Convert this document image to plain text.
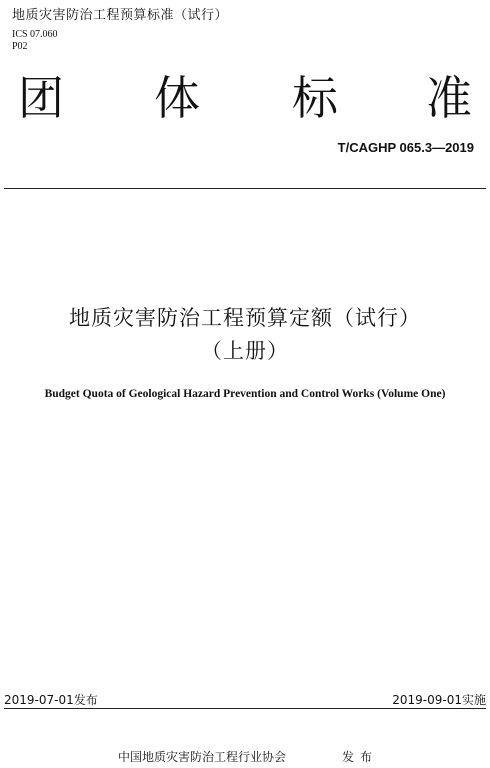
地质灾害防治工程预算标准（试行）
ICS 07.060
P02
团 体 标 准
T/CAGHP 065.3—2019
地质灾害防治工程预算定额（试行）
（上册）
Budget Quota of Geological Hazard Prevention and Control Works (Volume One)
2019-07-01发布	2019-09-01实施
中国地质灾害防治工程行业协会	发布
